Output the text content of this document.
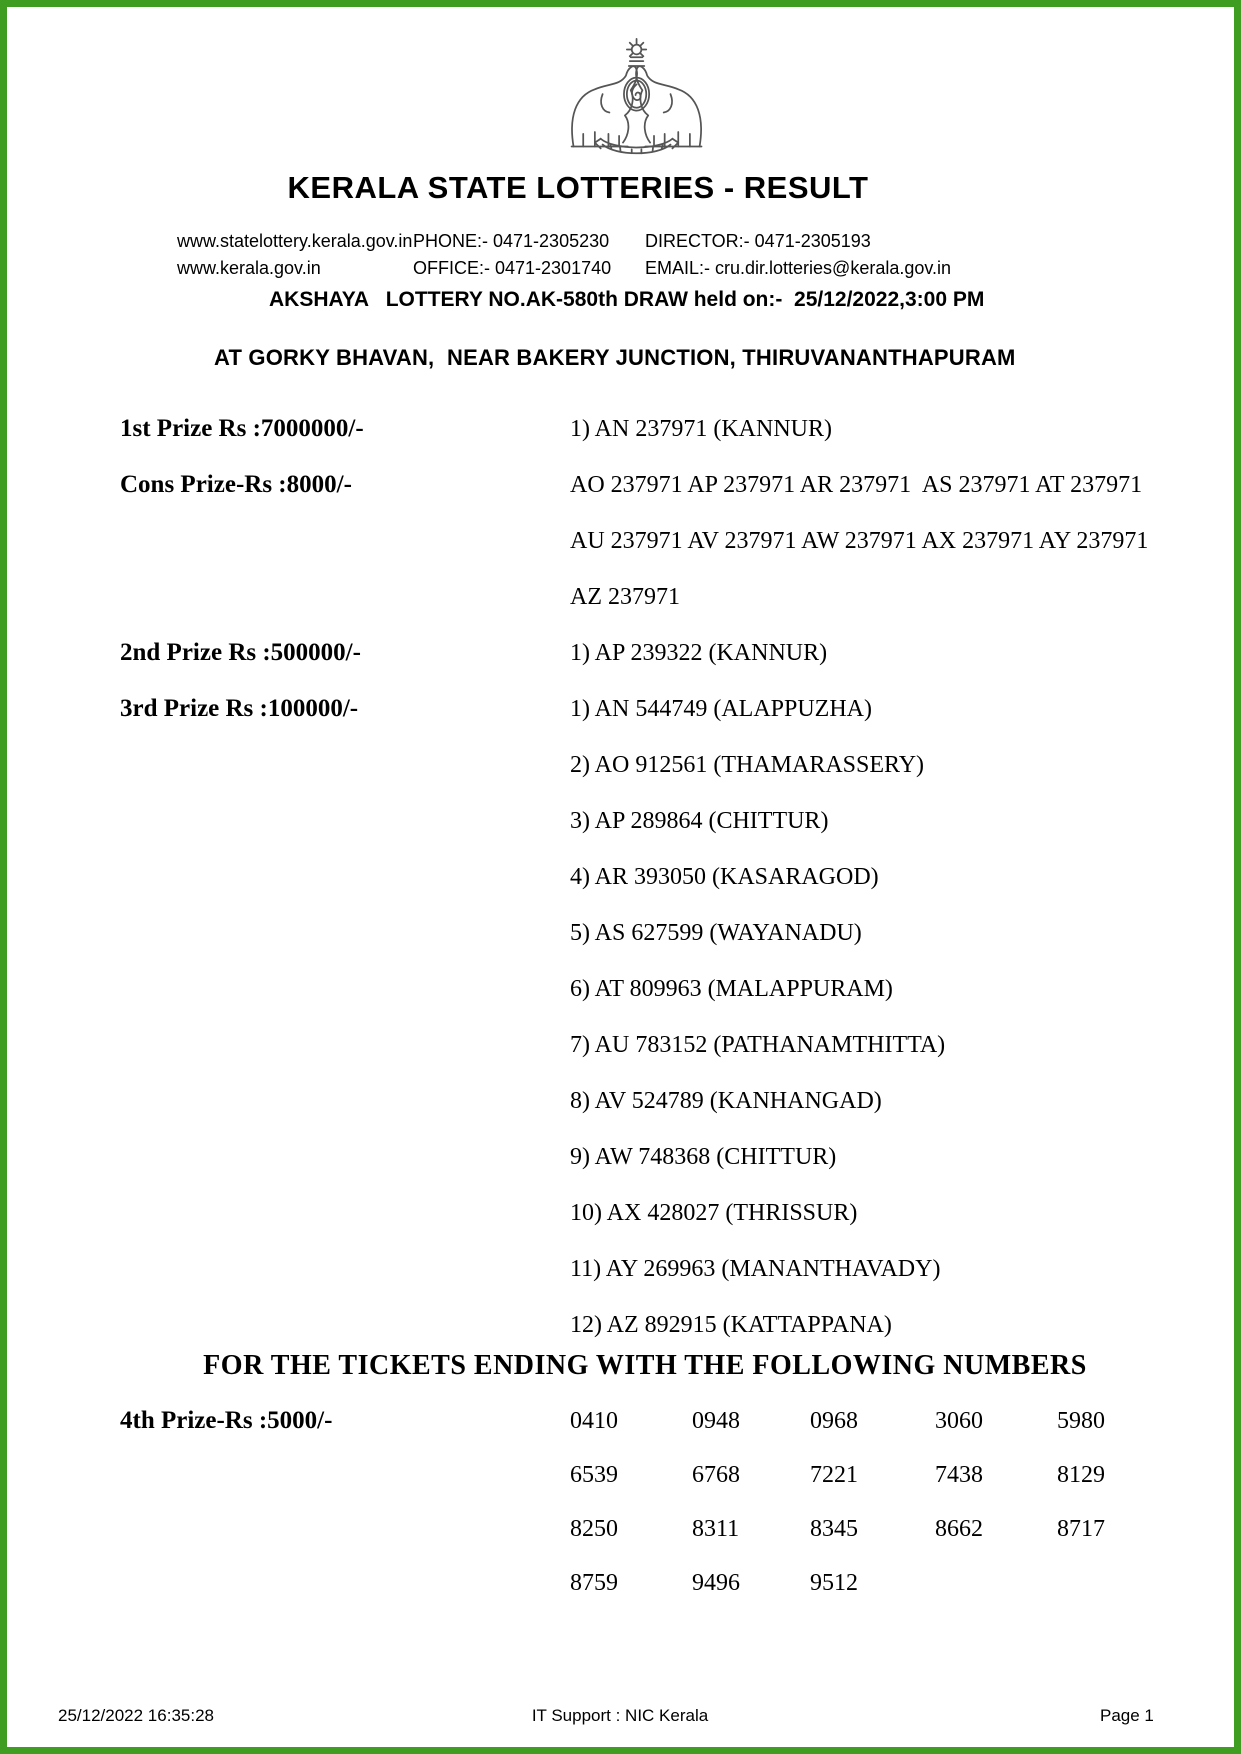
KERALA STATE LOTTERIES - RESULT
www.statelottery.kerala.gov.in PHONE:- 0471-2305230 DIRECTOR:- 0471-2305193
www.kerala.gov.in	OFFICE:- 0471-2301740 EMAIL:- cru.dir.lotteries@kerala.gov.in
AKSHAYA   LOTTERY NO.AK-580th DRAW held on:-  25/12/2022,3:00 PM
AT GORKY BHAVAN,  NEAR BAKERY JUNCTION, THIRUVANANTHAPURAM
1st Prize Rs :7000000/-	1) AN 237971 (KANNUR)
Cons Prize-Rs :8000/-	AO 237971 AP 237971 AR 237971  AS 237971 AT 237971
AU 237971 AV 237971 AW 237971 AX 237971 AY 237971
AZ 237971
2nd Prize Rs :500000/-	1) AP 239322 (KANNUR)
3rd Prize Rs :100000/-	1) AN 544749 (ALAPPUZHA)
2) AO 912561 (THAMARASSERY)
3) AP 289864 (CHITTUR)
4) AR 393050 (KASARAGOD)
5) AS 627599 (WAYANADU)
6) AT 809963 (MALAPPURAM)
7) AU 783152 (PATHANAMTHITTA)
8) AV 524789 (KANHANGAD)
9) AW 748368 (CHITTUR)
10) AX 428027 (THRISSUR)
11) AY 269963 (MANANTHAVADY)
12) AZ 892915 (KATTAPPANA)
FOR THE TICKETS ENDING WITH THE FOLLOWING NUMBERS
4th Prize-Rs :5000/-	0410	0948	0968	3060	5980
6539	6768	7221	7438	8129
8250	8311	8345	8662	8717
8759	9496	9512
25/12/2022 16:35:28	IT Support : NIC Kerala	Page 1
